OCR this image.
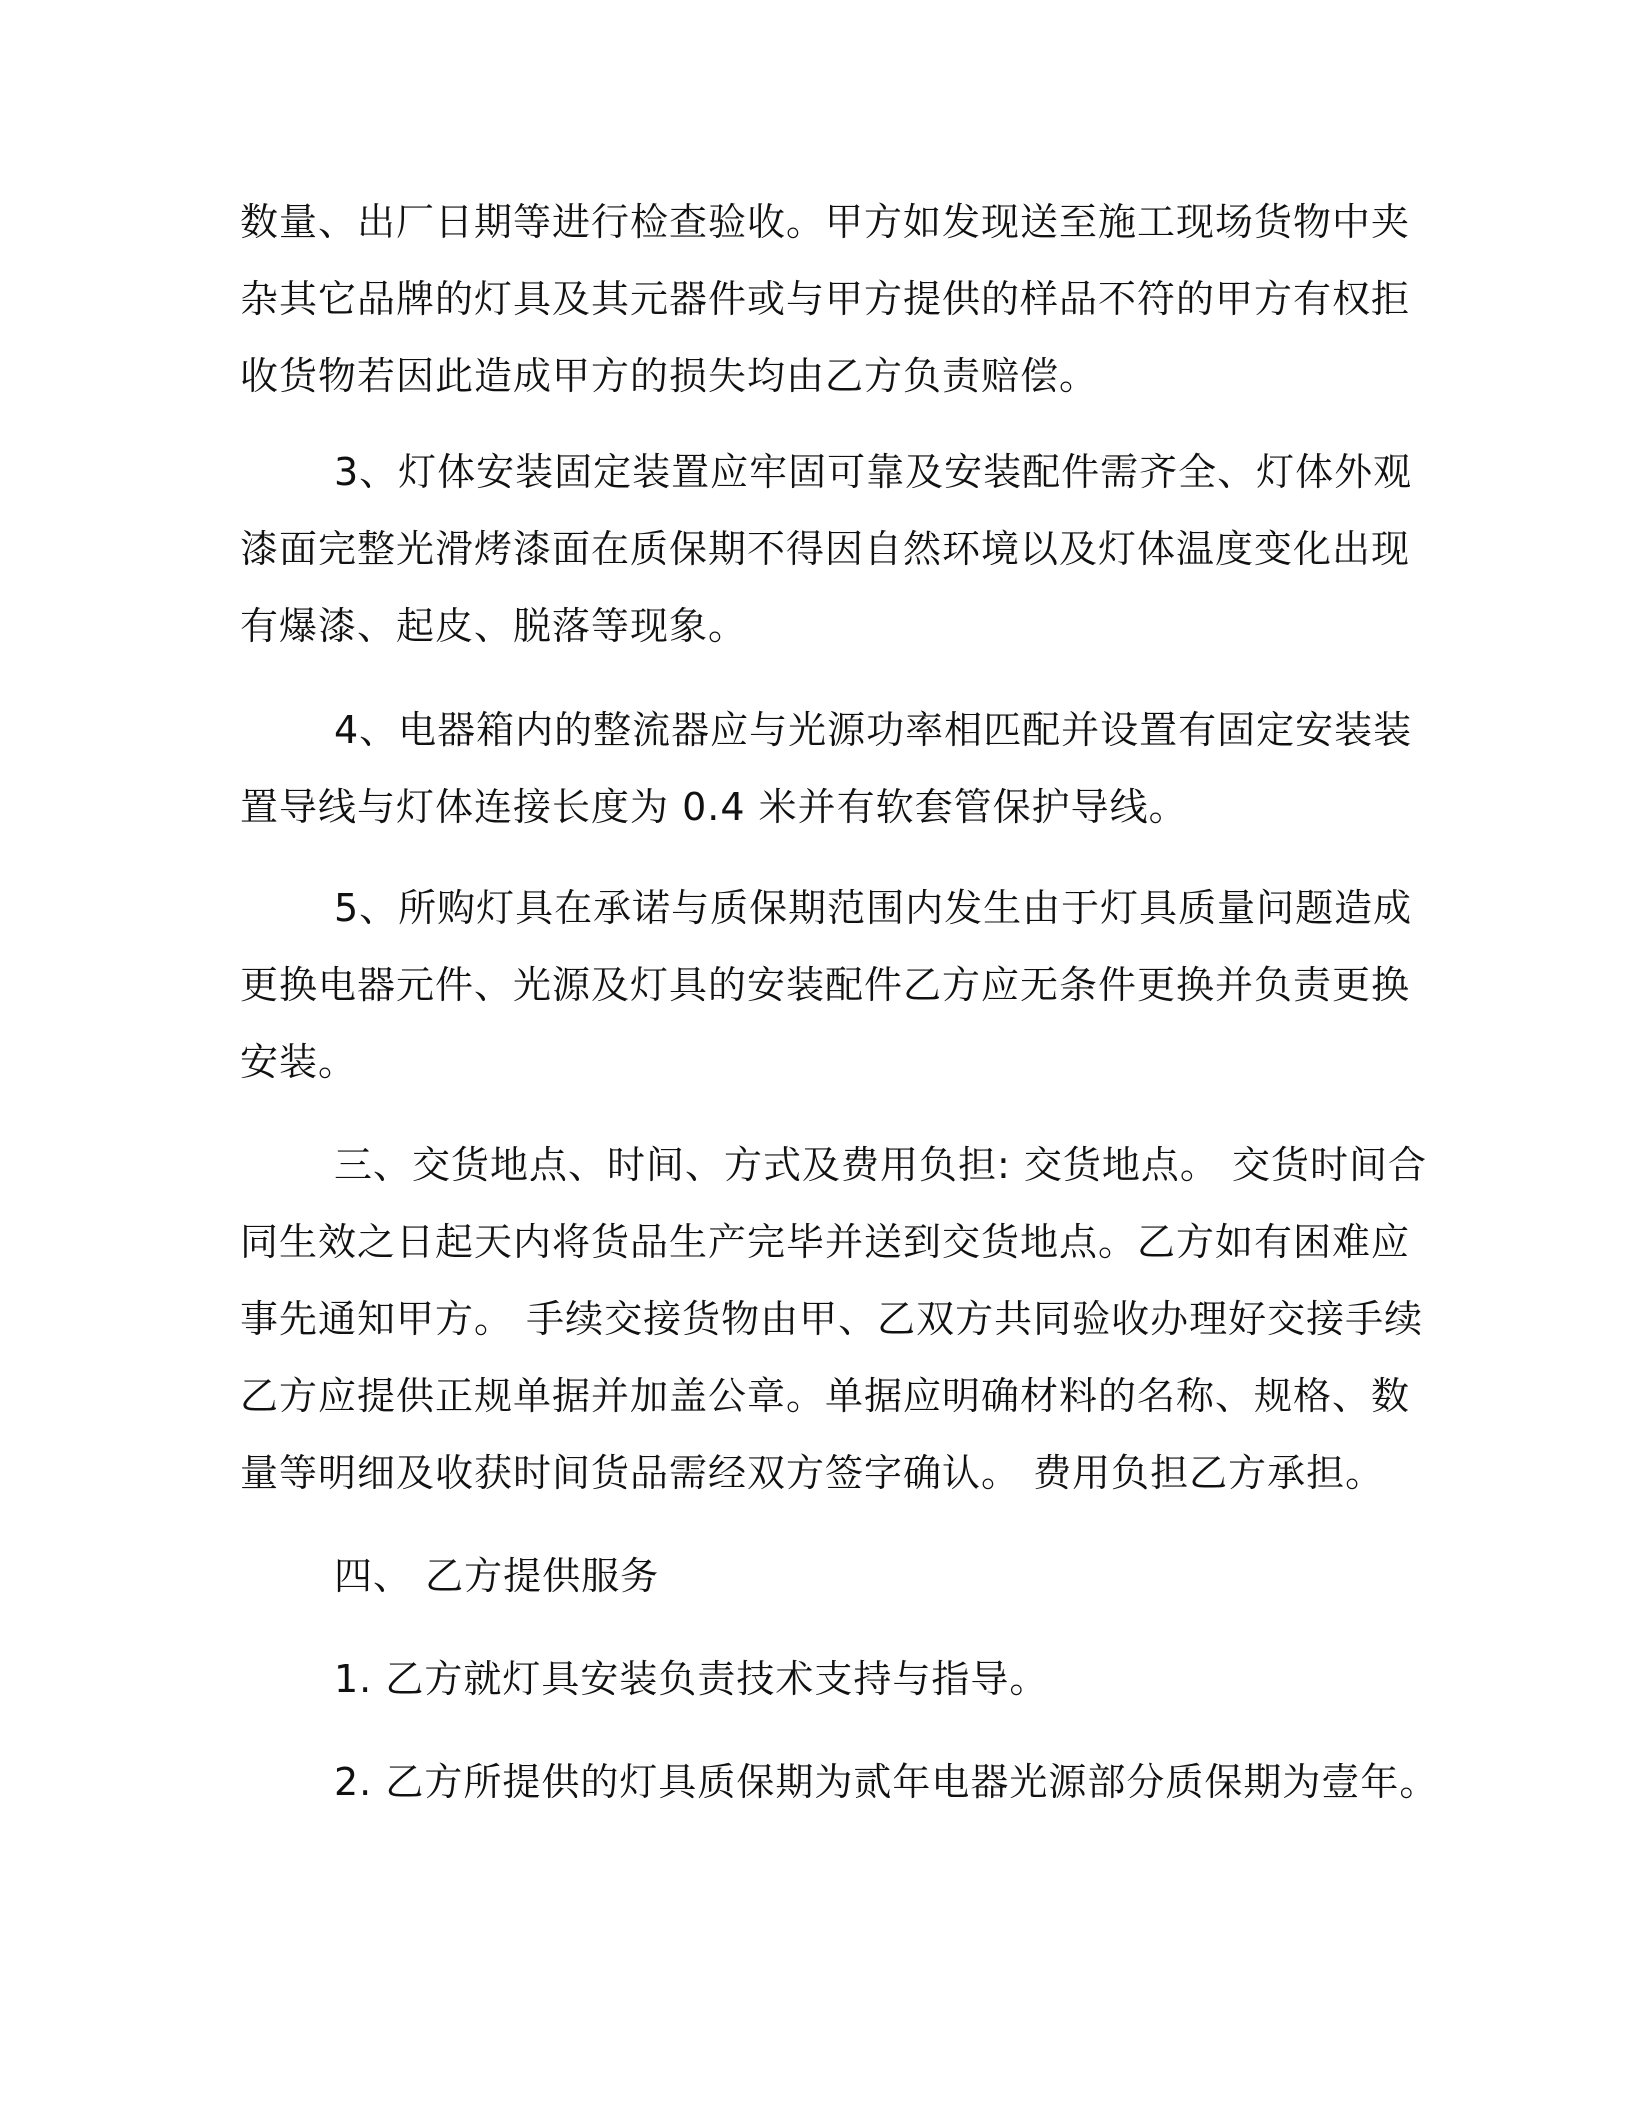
数量、出厂日期等进行检查验收。甲方如发现送至施工现场货物中夹
杂其它品牌的灯具及其元器件或与甲方提供的样品不符的甲方有权拒
收货物若因此造成甲方的损失均由乙方负责赔偿。
3、灯体安装固定装置应牢固可靠及安装配件需齐全、灯体外观
漆面完整光滑烤漆面在质保期不得因自然环境以及灯体温度变化出现
有爆漆、起皮、脱落等现象。
4、电器箱内的整流器应与光源功率相匹配并设置有固定安装装
置导线与灯体连接长度为 0.4 米并有软套管保护导线。
5、所购灯具在承诺与质保期范围内发生由于灯具质量问题造成
更换电器元件、光源及灯具的安装配件乙方应无条件更换并负责更换
安装。
三、交货地点、时间、方式及费用负担: 交货地点。 交货时间合
同生效之日起天内将货品生产完毕并送到交货地点。乙方如有困难应
事先通知甲方。 手续交接货物由甲、乙双方共同验收办理好交接手续
乙方应提供正规单据并加盖公章。单据应明确材料的名称、规格、数
量等明细及收获时间货品需经双方签字确认。 费用负担乙方承担。
四、 乙方提供服务
1. 乙方就灯具安装负责技术支持与指导。
2. 乙方所提供的灯具质保期为贰年电器光源部分质保期为壹年。
